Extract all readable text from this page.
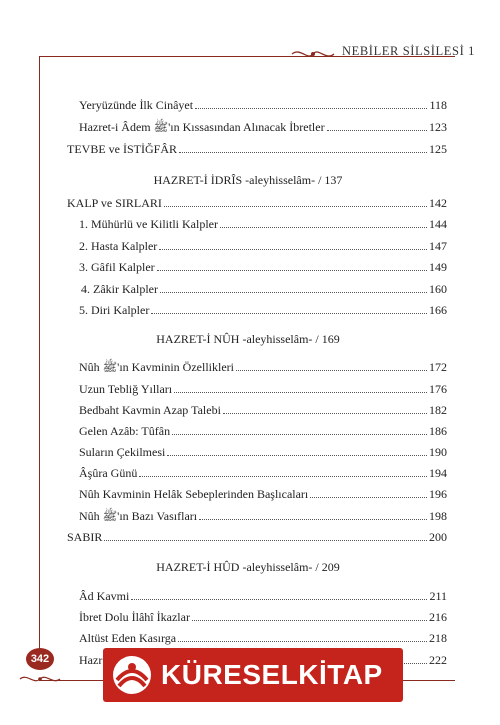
NEBİLER SİLSİLESİ 1
Yeryüzünde İlk Cinâyet	118
Hazret-i Âdem ﷺ'ın Kıssasından Alınacak İbretler	123
TEVBE ve İSTİĞFÂR	125
HAZRET-İ İDRÎS -aleyhisselâm- / 137
KALP ve SIRLARI	142
1. Mühürlü ve Kilitli Kalpler	144
2. Hasta Kalpler	147
3. Gâfil Kalpler	149
4. Zâkir Kalpler	160
5. Diri Kalpler	166
HAZRET-İ NÛH -aleyhisselâm- / 169
Nûh ﷺ'ın Kavminin Özellikleri	172
Uzun Tebliğ Yılları	176
Bedbaht Kavmin Azap Talebi	182
Gelen Azâb: Tûfân	186
Suların Çekilmesi	190
Âşûra Günü	194
Nûh Kavminin Helâk Sebeplerinden Başlıcaları	196
Nûh ﷺ'ın Bazı Vasıfları	198
SABIR	200
HAZRET-İ HÛD -aleyhisselâm- / 209
Âd Kavmi	211
İbret Dolu İlâhî İkazlar	216
Altüst Eden Kasırga	218
Hazr	222
342	KÜRESELKİTAP
